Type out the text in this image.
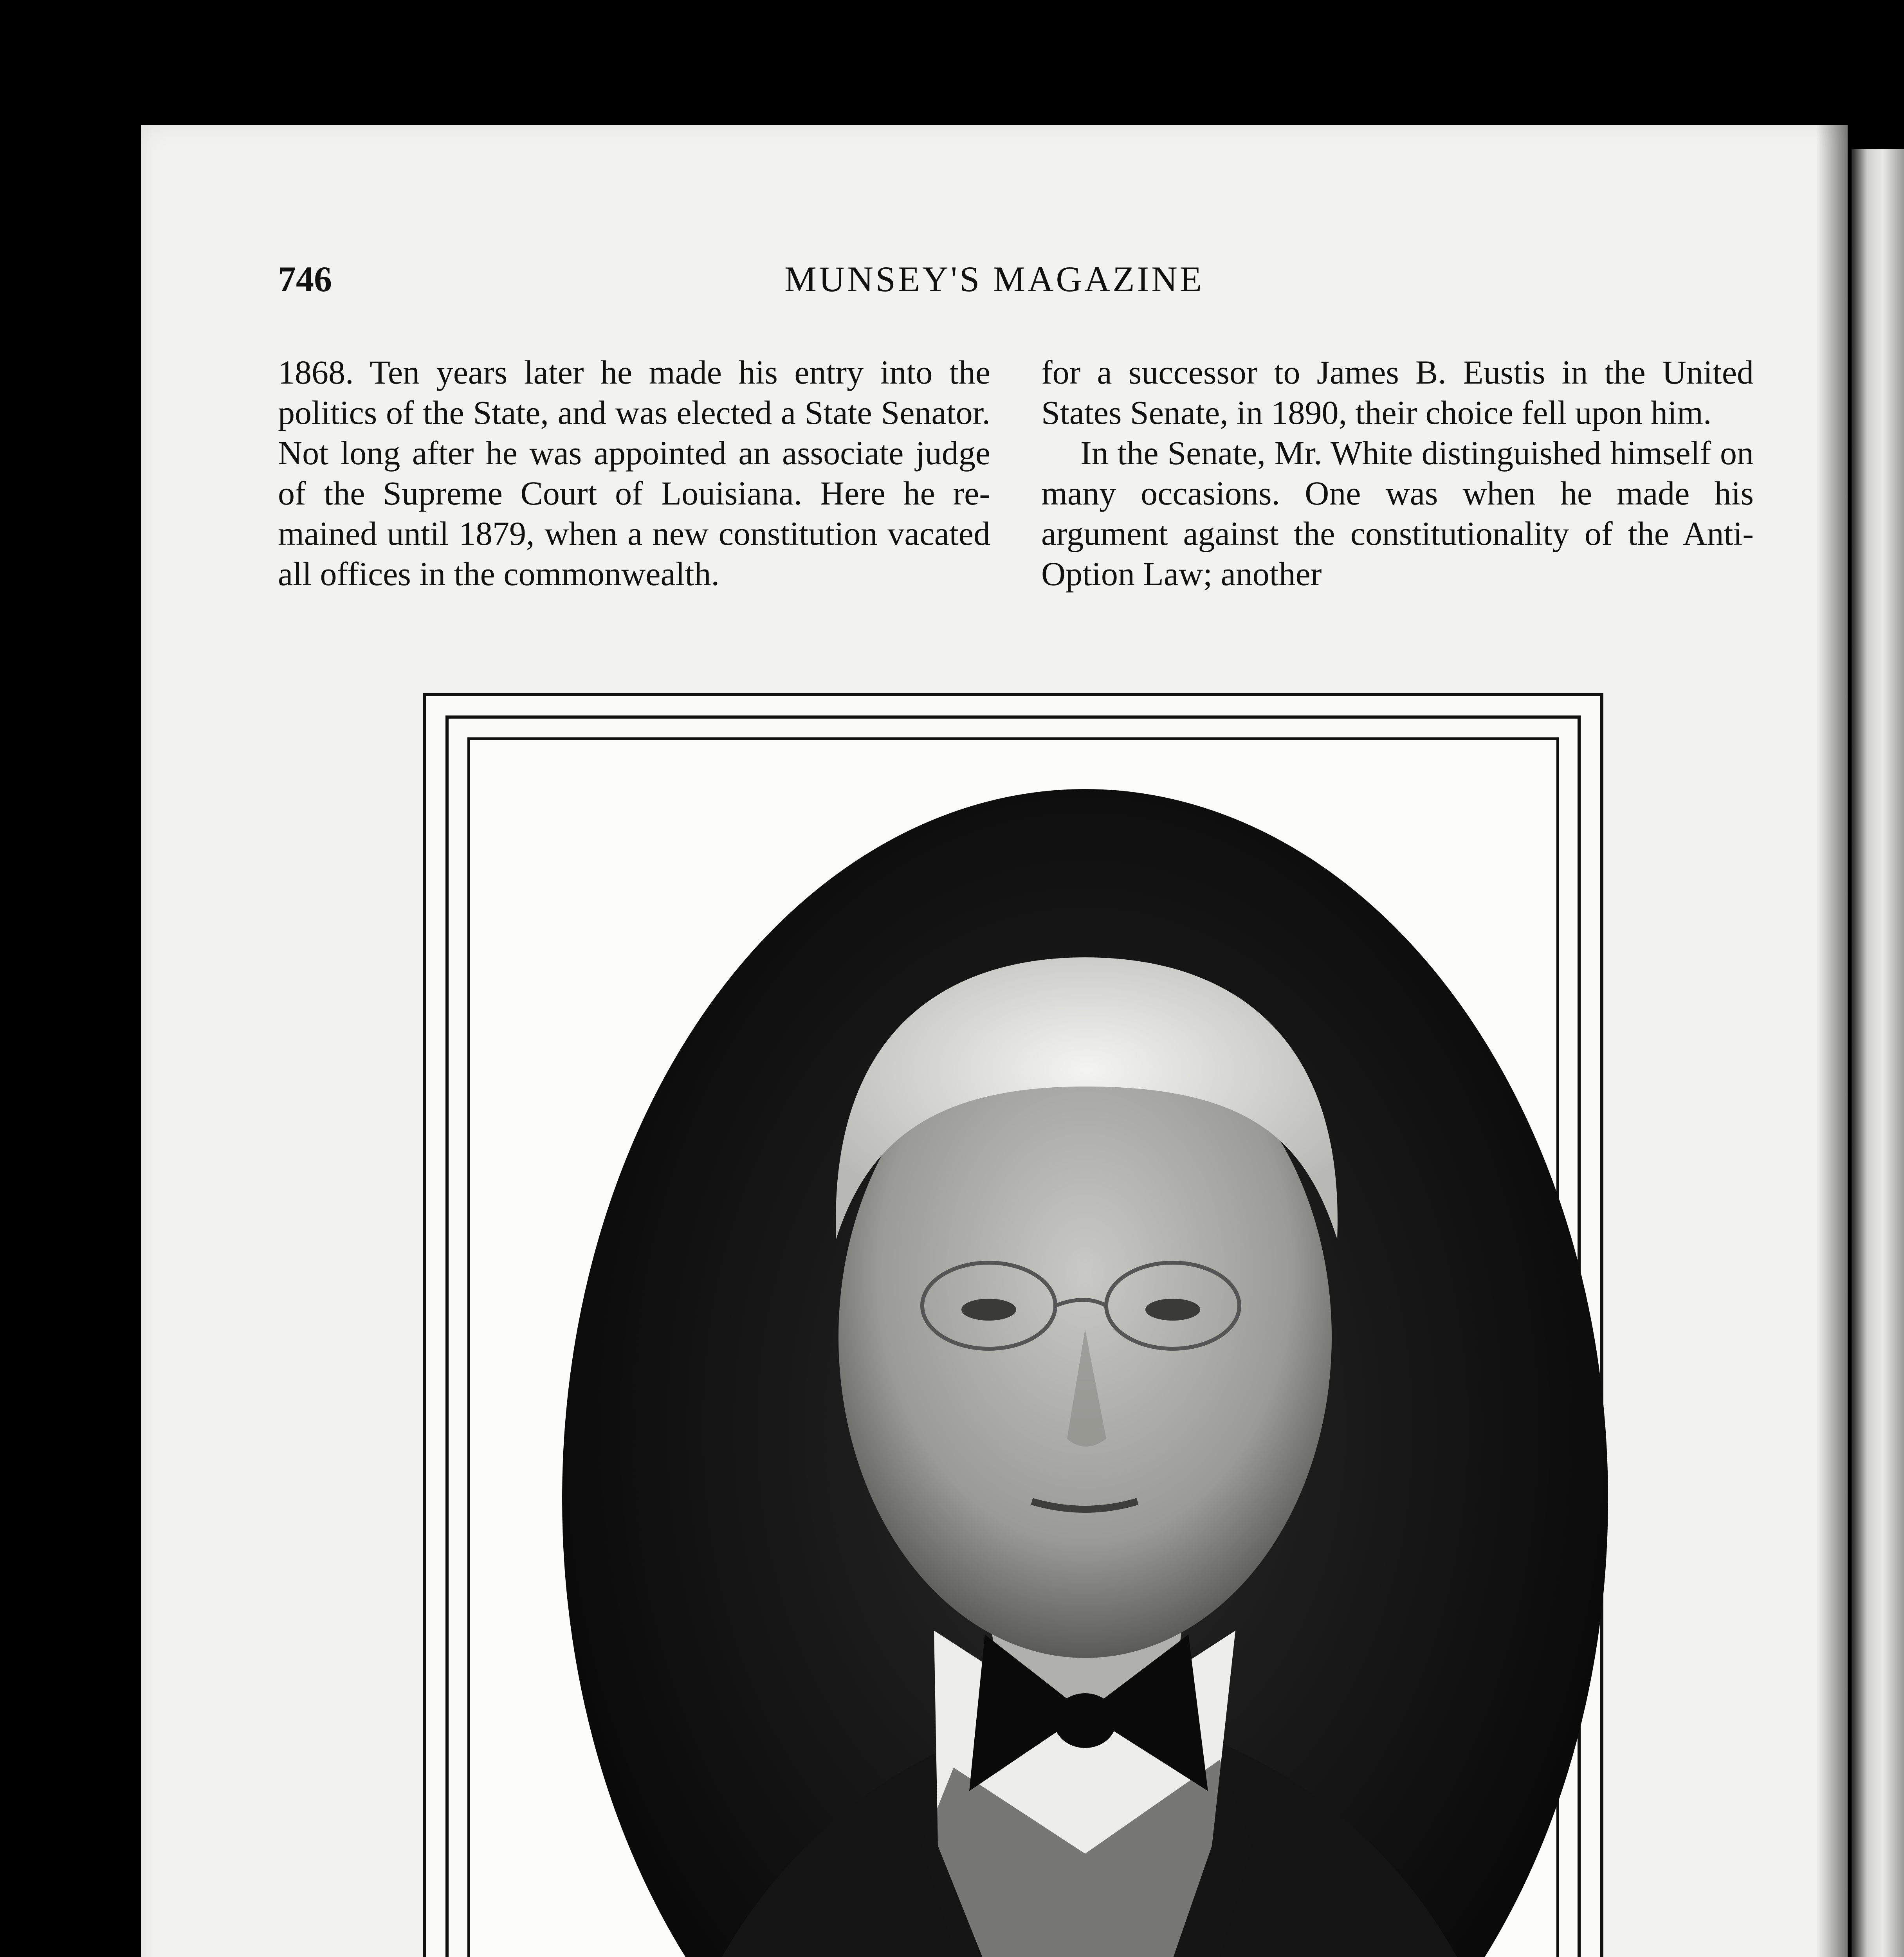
746	MUNSEY'S MAGAZINE

1868. Ten years later he made his entry into the politics of the State, and was elected a State Senator. Not long after he was appointed an associate judge of the Supreme Court of Louisiana. Here he remained until 1879, when a new constitution vacated all offices in the commonwealth.

for a successor to James B. Eustis in the United States Senate, in 1890, their choice fell upon him.

In the Senate, Mr. White distinguished himself on many occasions. One was when he made his argument against the constitutionality of the Anti-Option Law; another
